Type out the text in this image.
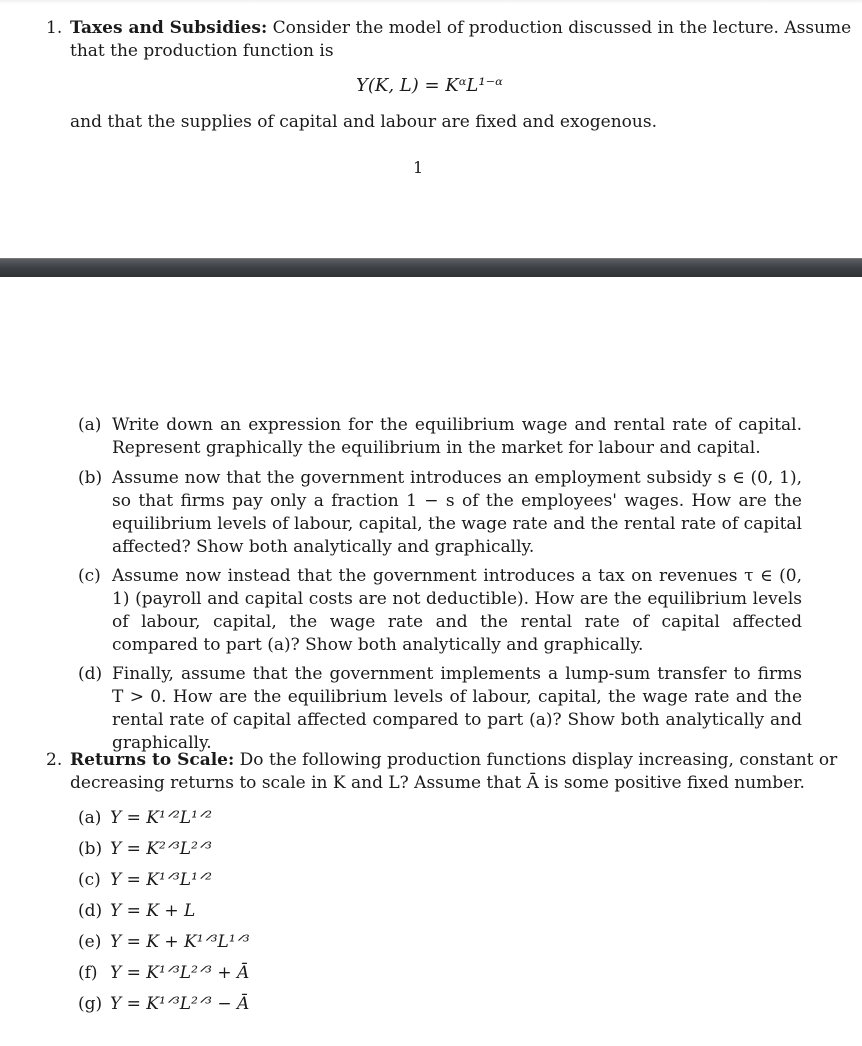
1. Taxes and Subsidies: Consider the model of production discussed in the lecture. Assume
that the production function is
Y(K, L) = KᵅL¹⁻ᵅ
and that the supplies of capital and labour are fixed and exogenous.
1
(a) Write down an expression for the equilibrium wage and rental rate of capital. Represent graphically the equilibrium in the market for labour and capital.
(b) Assume now that the government introduces an employment subsidy s ∈ (0, 1), so that firms pay only a fraction 1 − s of the employees' wages. How are the equilibrium levels of labour, capital, the wage rate and the rental rate of capital affected? Show both analytically and graphically.
(c) Assume now instead that the government introduces a tax on revenues τ ∈ (0, 1) (payroll and capital costs are not deductible). How are the equilibrium levels of labour, capital, the wage rate and the rental rate of capital affected compared to part (a)? Show both analytically and graphically.
(d) Finally, assume that the government implements a lump-sum transfer to firms T > 0. How are the equilibrium levels of labour, capital, the wage rate and the rental rate of capital affected compared to part (a)? Show both analytically and graphically.
2. Returns to Scale: Do the following production functions display increasing, constant or
decreasing returns to scale in K and L? Assume that Ā is some positive fixed number.
(a) Y = K¹ᐟ²L¹ᐟ²
(b) Y = K²ᐟ³L²ᐟ³
(c) Y = K¹ᐟ³L¹ᐟ²
(d) Y = K + L
(e) Y = K + K¹ᐟ³L¹ᐟ³
(f) Y = K¹ᐟ³L²ᐟ³ + Ā
(g) Y = K¹ᐟ³L²ᐟ³ − Ā
